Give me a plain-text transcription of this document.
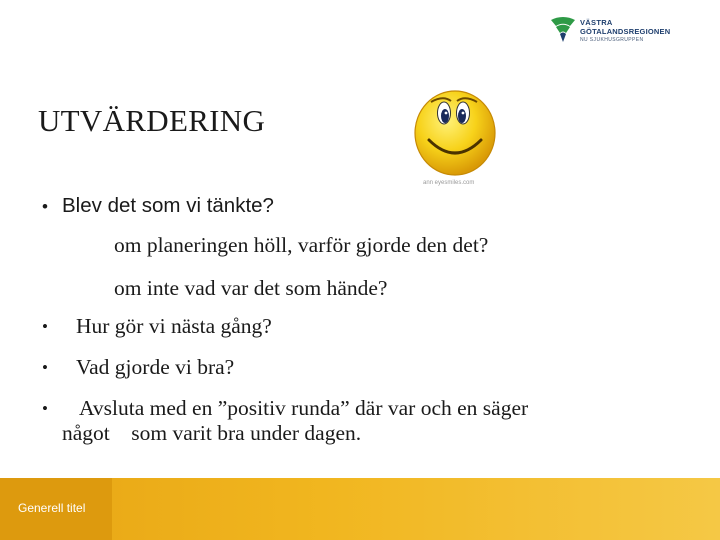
VÄSTRA
GÖTALANDSREGIONEN
NU SJUKHUSGRUPPEN
UTVÄRDERING
ann eyesmiles.com
• Blev det som vi tänkte?
om planeringen höll, varför gjorde den det?
om inte vad var det som hände?
• Hur gör vi nästa gång?
• Vad gjorde vi bra?
• Avsluta med en ”positiv runda” där var och en säger
något    som varit bra under dagen.
Generell titel
